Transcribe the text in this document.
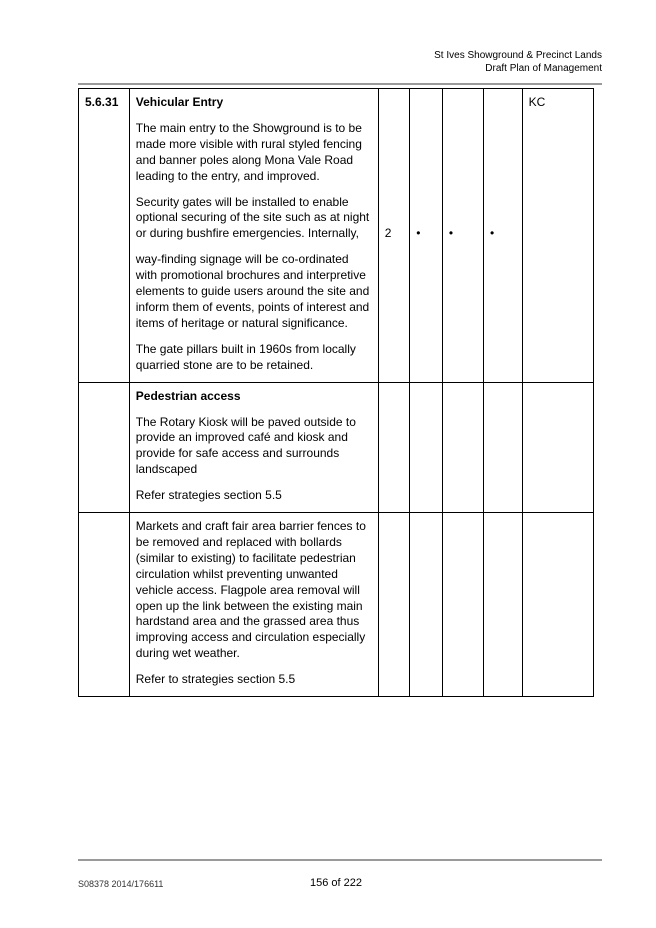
St Ives Showground & Precinct Lands
Draft Plan of Management
5.6.31	Vehicular Entry

The main entry to the Showground is to be made more visible with rural styled fencing and banner poles along Mona Vale Road leading to the entry, and improved.

Security gates will be installed to enable optional securing of the site such as at night or during bushfire emergencies. Internally,

way-finding signage will be co-ordinated with promotional brochures and interpretive elements to guide users around the site and inform them of events, points of interest and items of heritage or natural significance.

The gate pillars built in 1960s from locally quarried stone are to be retained.	2	•	•	•	KC

	Pedestrian access

The Rotary Kiosk will be paved outside to provide an improved café and kiosk and provide for safe access and surrounds landscaped

Refer strategies section 5.5					

	Markets and craft fair area barrier fences to be removed and replaced with bollards (similar to existing) to facilitate pedestrian circulation whilst preventing unwanted vehicle access. Flagpole area removal will open up the link between the existing main hardstand area and the grassed area thus improving access and circulation especially during wet weather.

Refer to strategies section 5.5					

S08378 2014/176611	156 of 222
